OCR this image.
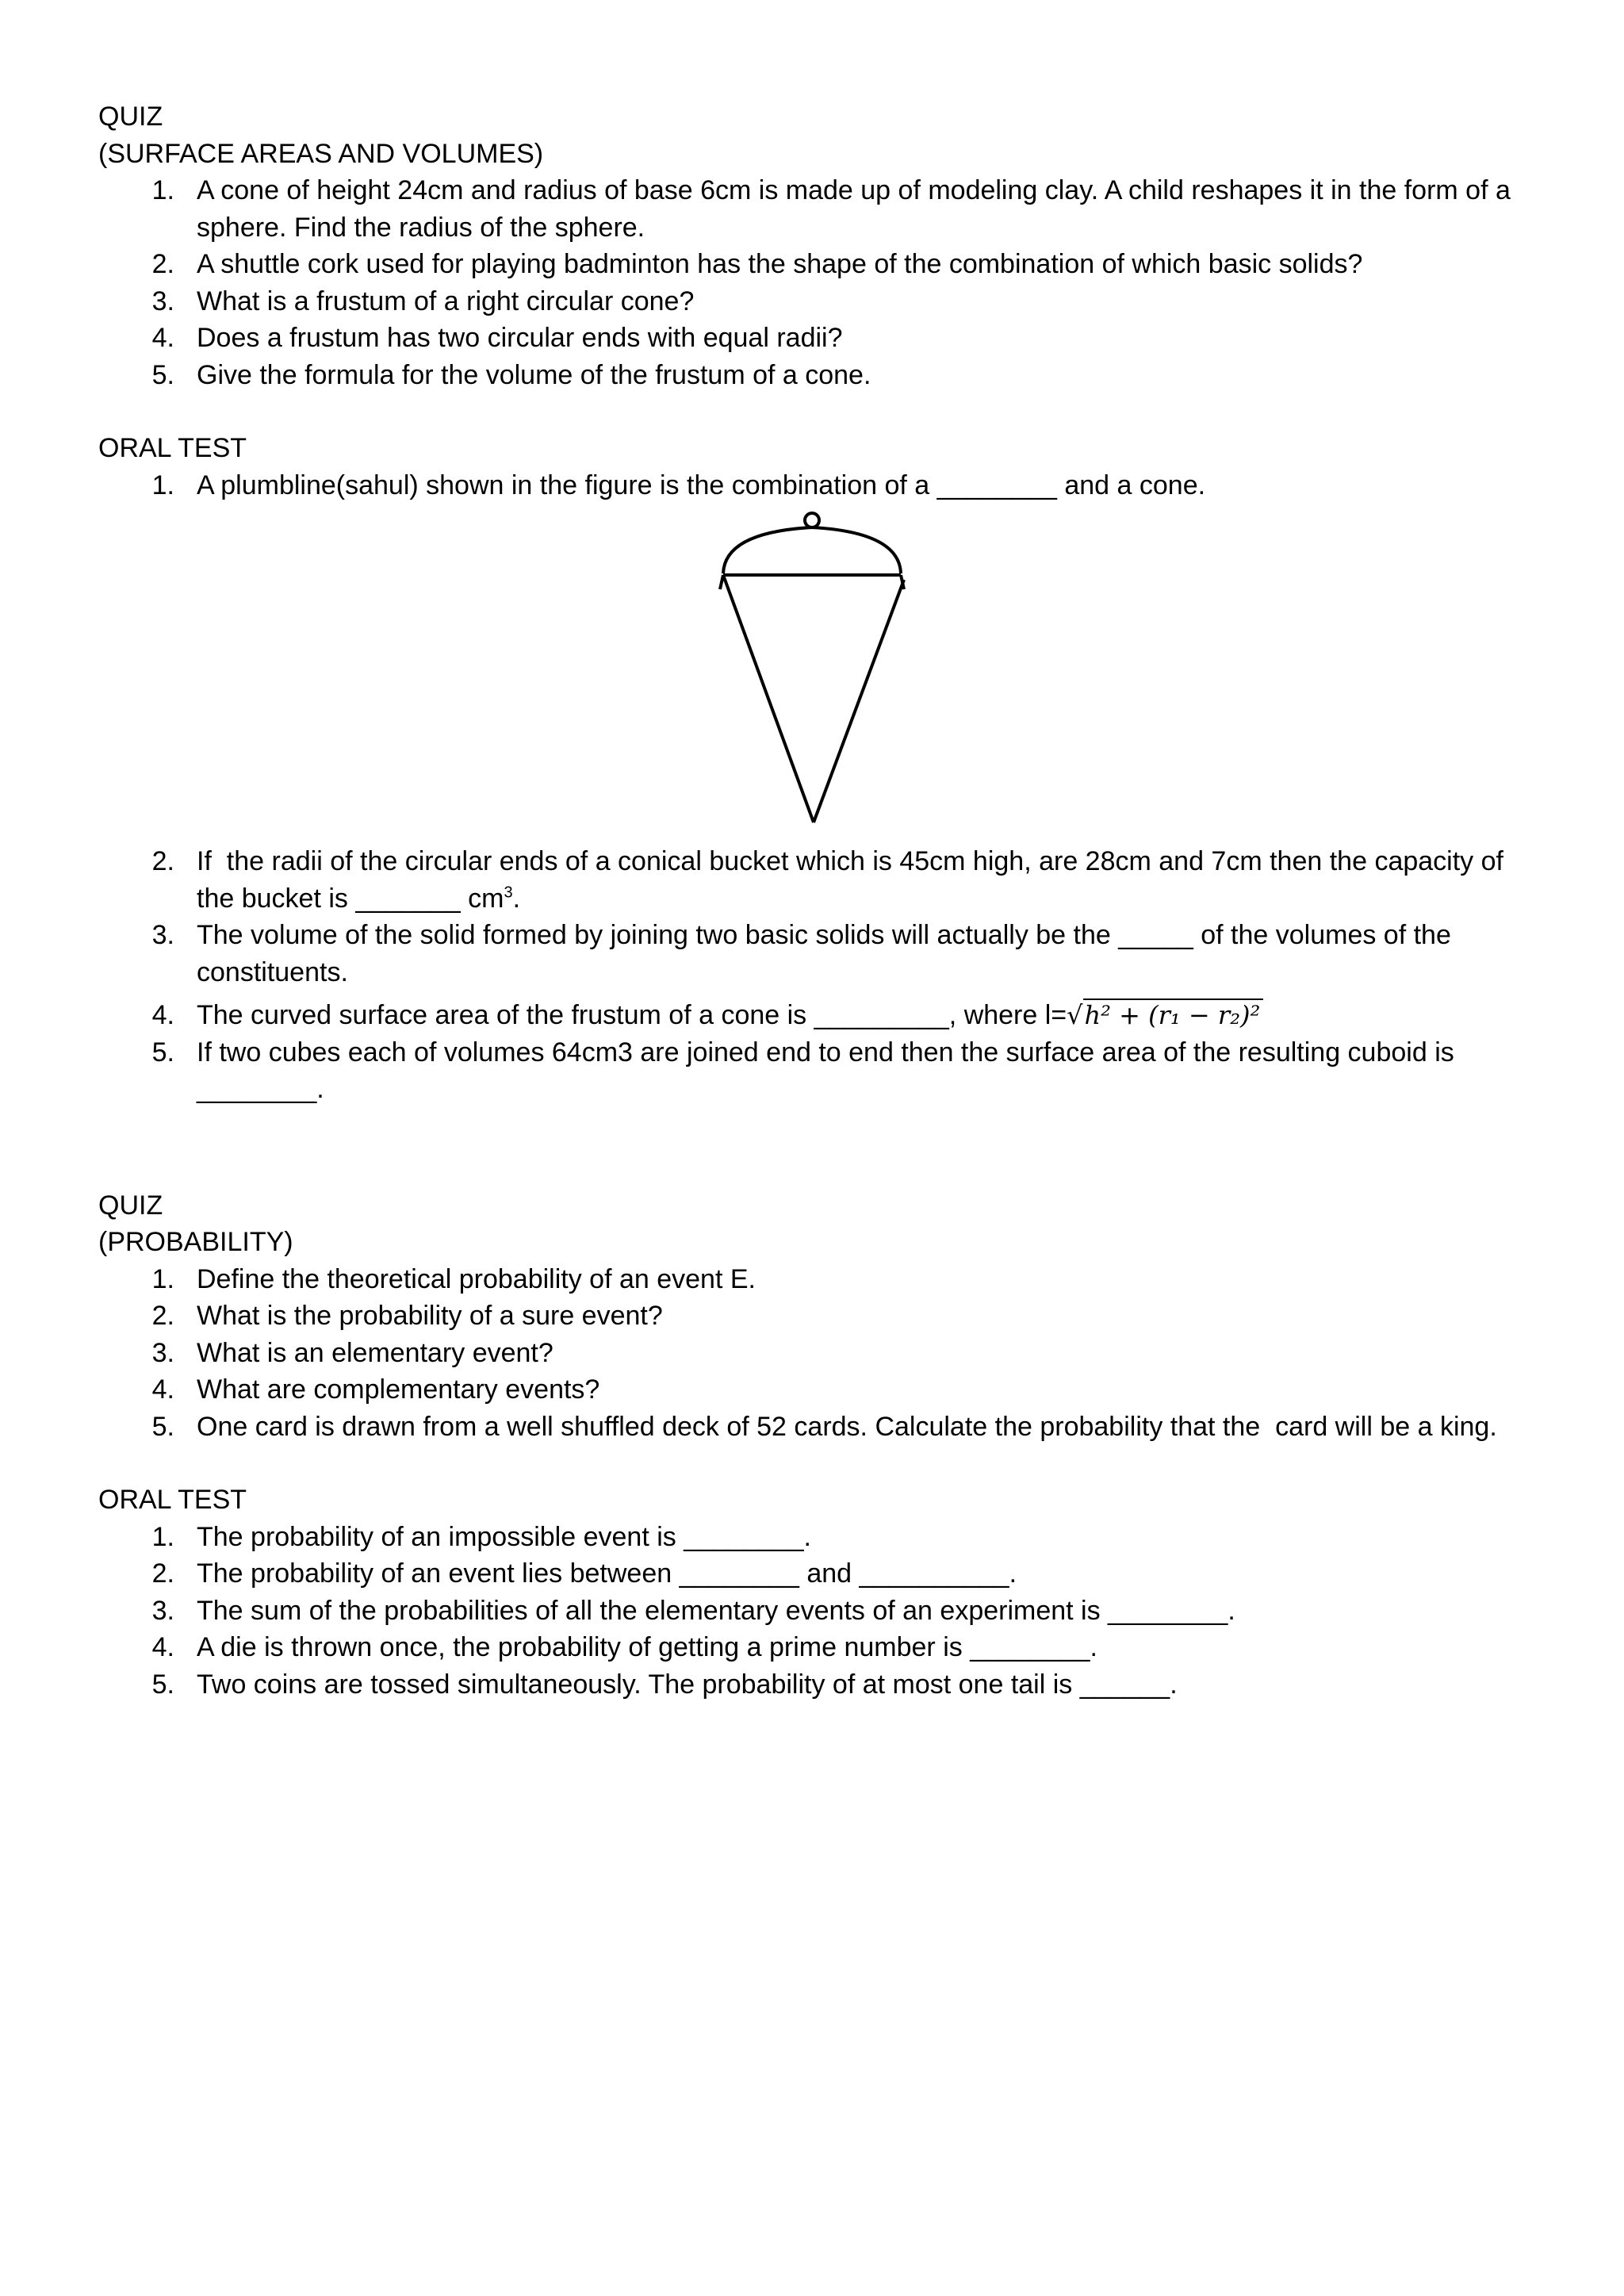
QUIZ
(SURFACE AREAS AND VOLUMES)
1. A cone of height 24cm and radius of base 6cm is made up of modeling clay. A child reshapes it in the form of a sphere. Find the radius of the sphere.
2. A shuttle cork used for playing badminton has the shape of the combination of which basic solids?
3. What is a frustum of a right circular cone?
4. Does a frustum has two circular ends with equal radii?
5. Give the formula for the volume of the frustum of a cone.
ORAL TEST
1. A plumbline(sahul) shown in the figure is the combination of a ________ and a cone.
2. If  the radii of the circular ends of a conical bucket which is 45cm high, are 28cm and 7cm then the capacity of the bucket is _______ $cm^3$.
3. The volume of the solid formed by joining two basic solids will actually be the _____ of the volumes of the constituents.
4. The curved surface area of the frustum of a cone is _________, where l=√h² + (r₁ − r₂)²
5. If two cubes each of volumes 64cm3 are joined end to end then the surface area of the resulting cuboid is ________.
QUIZ
(PROBABILITY)
1. Define the theoretical probability of an event E.
2. What is the probability of a sure event?
3. What is an elementary event?
4. What are complementary events?
5. One card is drawn from a well shuffled deck of 52 cards. Calculate the probability that the  card will be a king.
ORAL TEST
1. The probability of an impossible event is ________.
2. The probability of an event lies between ________ and __________.
3. The sum of the probabilities of all the elementary events of an experiment is ________.
4. A die is thrown once, the probability of getting a prime number is ________.
5. Two coins are tossed simultaneously. The probability of at most one tail is ______.
